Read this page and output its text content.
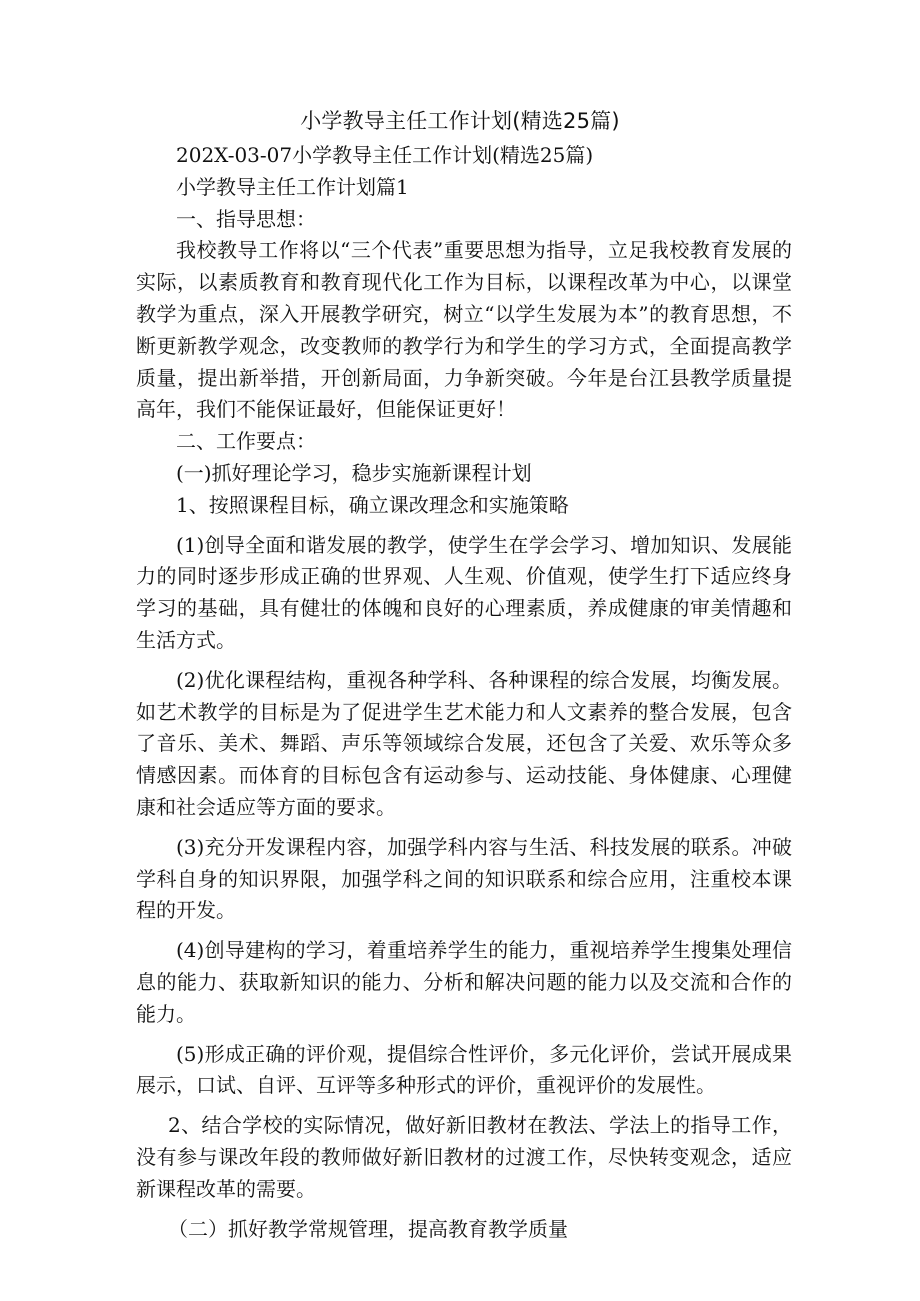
小学教导主任工作计划(精选25篇)

202X-03-07小学教导主任工作计划(精选25篇)

小学教导主任工作计划篇1

一、指导思想：

我校教导工作将以“三个代表”重要思想为指导，立足我校教育发展的实际，以素质教育和教育现代化工作为目标，以课程改革为中心，以课堂教学为重点，深入开展教学研究，树立“以学生发展为本”的教育思想，不断更新教学观念，改变教师的教学行为和学生的学习方式，全面提高教学质量，提出新举措，开创新局面，力争新突破。今年是台江县教学质量提高年，我们不能保证最好，但能保证更好！

二、工作要点：

(一)抓好理论学习，稳步实施新课程计划

1、按照课程目标，确立课改理念和实施策略

(1)创导全面和谐发展的教学，使学生在学会学习、增加知识、发展能力的同时逐步形成正确的世界观、人生观、价值观，使学生打下适应终身学习的基础，具有健壮的体魄和良好的心理素质，养成健康的审美情趣和生活方式。

(2)优化课程结构，重视各种学科、各种课程的综合发展，均衡发展。如艺术教学的目标是为了促进学生艺术能力和人文素养的整合发展，包含了音乐、美术、舞蹈、声乐等领域综合发展，还包含了关爱、欢乐等众多情感因素。而体育的目标包含有运动参与、运动技能、身体健康、心理健康和社会适应等方面的要求。

(3)充分开发课程内容，加强学科内容与生活、科技发展的联系。冲破学科自身的知识界限，加强学科之间的知识联系和综合应用，注重校本课程的开发。

(4)创导建构的学习，着重培养学生的能力，重视培养学生搜集处理信息的能力、获取新知识的能力、分析和解决问题的能力以及交流和合作的能力。

(5)形成正确的评价观，提倡综合性评价，多元化评价，尝试开展成果展示，口试、自评、互评等多种形式的评价，重视评价的发展性。

2、结合学校的实际情况，做好新旧教材在教法、学法上的指导工作，没有参与课改年段的教师做好新旧教材的过渡工作，尽快转变观念，适应新课程改革的需要。

（二）抓好教学常规管理，提高教育教学质量
